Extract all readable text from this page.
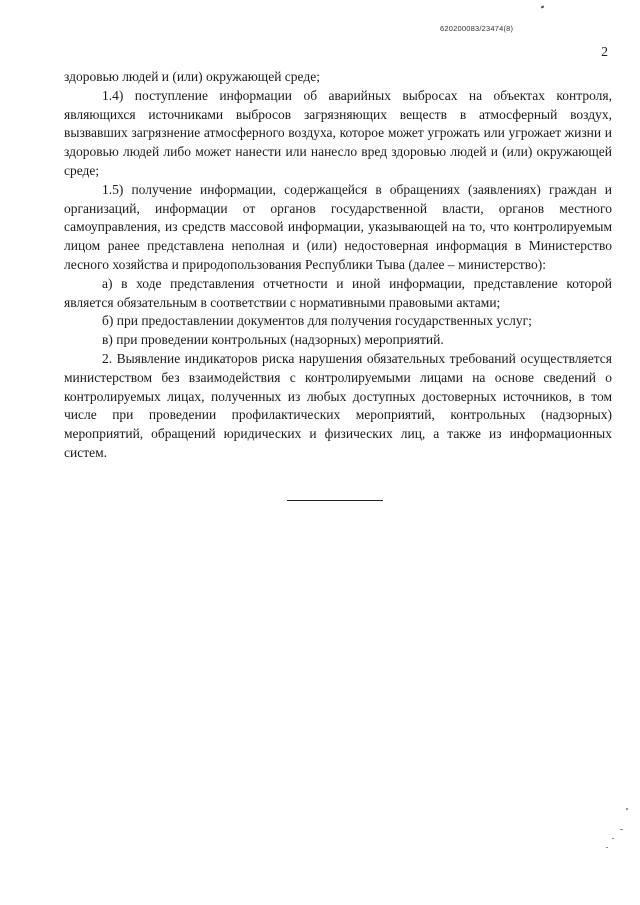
620200083/23474(8)
2

здоровью людей и (или) окружающей среде;

1.4) поступление информации об аварийных выбросах на объектах контроля, являющихся источниками выбросов загрязняющих веществ в атмосферный воздух, вызвавших загрязнение атмосферного воздуха, которое может угрожать или угрожает жизни и здоровью людей либо может нанести или нанесло вред здоровью людей и (или) окружающей среде;

1.5) получение информации, содержащейся в обращениях (заявлениях) граждан и организаций, информации от органов государственной власти, органов местного самоуправления, из средств массовой информации, указывающей на то, что контролируемым лицом ранее представлена неполная и (или) недостоверная информация в Министерство лесного хозяйства и природопользования Республики Тыва (далее – министерство):

а) в ходе представления отчетности и иной информации, представление которой является обязательным в соответствии с нормативными правовыми актами;

б) при предоставлении документов для получения государственных услуг;

в) при проведении контрольных (надзорных) мероприятий.

2. Выявление индикаторов риска нарушения обязательных требований осуществляется министерством без взаимодействия с контролируемыми лицами на основе сведений о контролируемых лицах, полученных из любых доступных достоверных источников, в том числе при проведении профилактических мероприятий, контрольных (надзорных) мероприятий, обращений юридических и физических лиц, а также из информационных систем.
